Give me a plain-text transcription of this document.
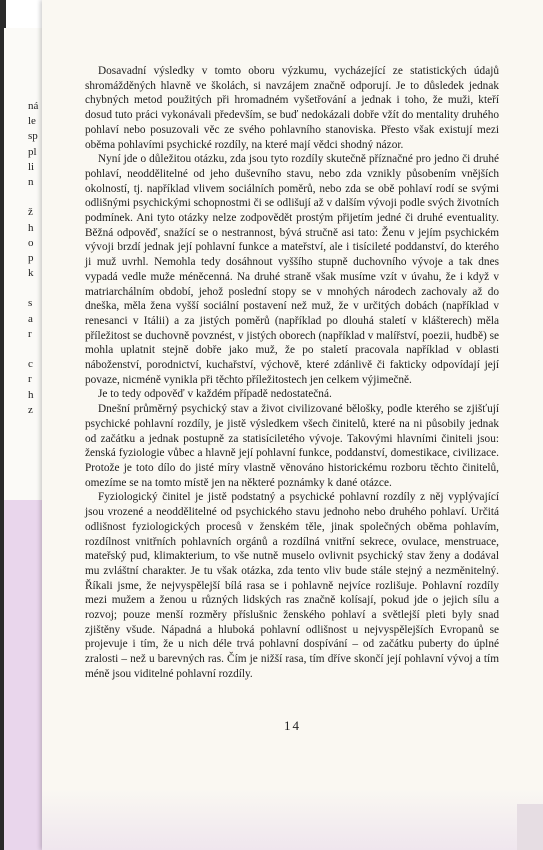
ná
le
sp
pl
li
n
ž
h
o
p
k
s
a
r
c
r
h
z

Dosavadní výsledky v tomto oboru výzkumu, vycházející ze statistických údajů shromážděných hlavně ve školách, si navzájem značně odporují. Je to důsledek jednak chybných metod použitých při hromadném vyšetřování a jednak i toho, že muži, kteří dosud tuto práci vykonávali především, se buď nedokázali dobře vžít do mentality druhého pohlaví nebo posuzovali věc ze svého pohlavního stanoviska. Přesto však existují mezi oběma pohlavími psychické rozdíly, na které mají vědci shodný názor.

Nyní jde o důležitou otázku, zda jsou tyto rozdíly skutečně příznačné pro jedno či druhé pohlaví, neoddělitelné od jeho duševního stavu, nebo zda vznikly působením vnějších okolností, tj. například vlivem sociálních poměrů, nebo zda se obě pohlaví rodí se svými odlišnými psychickými schopnostmi či se odlišují až v dalším vývoji podle svých životních podmínek. Ani tyto otázky nelze zodpovědět prostým přijetím jedné či druhé eventuality. Běžná odpověď, snažící se o nestrannost, bývá stručně asi tato: Ženu v jejím psychickém vývoji brzdí jednak její pohlavní funkce a mateřství, ale i tisícileté poddanství, do kterého ji muž uvrhl. Nemohla tedy dosáhnout vyššího stupně duchovního vývoje a tak dnes vypadá vedle muže méněcenná. Na druhé straně však musíme vzít v úvahu, že i když v matriarchálním období, jehož poslední stopy se v mnohých národech zachovaly až do dneška, měla žena vyšší sociální postavení než muž, že v určitých dobách (například v renesanci v Itálii) a za jistých poměrů (například po dlouhá staletí v klášterech) měla příležitost se duchovně povznést, v jistých oborech (například v malířství, poezii, hudbě) se mohla uplatnit stejně dobře jako muž, že po staletí pracovala například v oblasti náboženství, porodnictví, kuchařství, výchově, které zdánlivě či fakticky odpovídají její povaze, nicméně vynikla při těchto příležitostech jen celkem výjimečně.

Je to tedy odpověď v každém případě nedostatečná.

Dnešní průměrný psychický stav a život civilizované bělošky, podle kterého se zjišťují psychické pohlavní rozdíly, je jistě výsledkem všech činitelů, které na ni působily jednak od začátku a jednak postupně za statisíciletého vývoje. Takovými hlavními činiteli jsou: ženská fyziologie vůbec a hlavně její pohlavní funkce, poddanství, domestikace, civilizace. Protože je toto dílo do jisté míry vlastně věnováno historickému rozboru těchto činitelů, omezíme se na tomto místě jen na některé poznámky k dané otázce.

Fyziologický činitel je jistě podstatný a psychické pohlavní rozdíly z něj vyplývající jsou vrozené a neoddělitelné od psychického stavu jednoho nebo druhého pohlaví. Určitá odlišnost fyziologických procesů v ženském těle, jinak společných oběma pohlavím, rozdílnost vnitřních pohlavních orgánů a rozdílná vnitřní sekrece, ovulace, menstruace, mateřský pud, klimakterium, to vše nutně muselo ovlivnit psychický stav ženy a dodával mu zvláštní charakter. Je tu však otázka, zda tento vliv bude stále stejný a nezměnitelný. Říkali jsme, že nejvyspělejší bílá rasa se i pohlavně nejvíce rozlišuje. Pohlavní rozdíly mezi mužem a ženou u různých lidských ras značně kolísají, pokud jde o jejich sílu a rozvoj; pouze menší rozměry příslušnic ženského pohlaví a světlejší pleti byly snad zjištěny všude. Nápadná a hluboká pohlavní odlišnost u nejvyspělejších Evropanů se projevuje i tím, že u nich déle trvá pohlavní dospívání – od začátku puberty do úplné zralosti – než u barevných ras. Čím je nižší rasa, tím dříve skončí její pohlavní vývoj a tím méně jsou viditelné pohlavní rozdíly.

14
